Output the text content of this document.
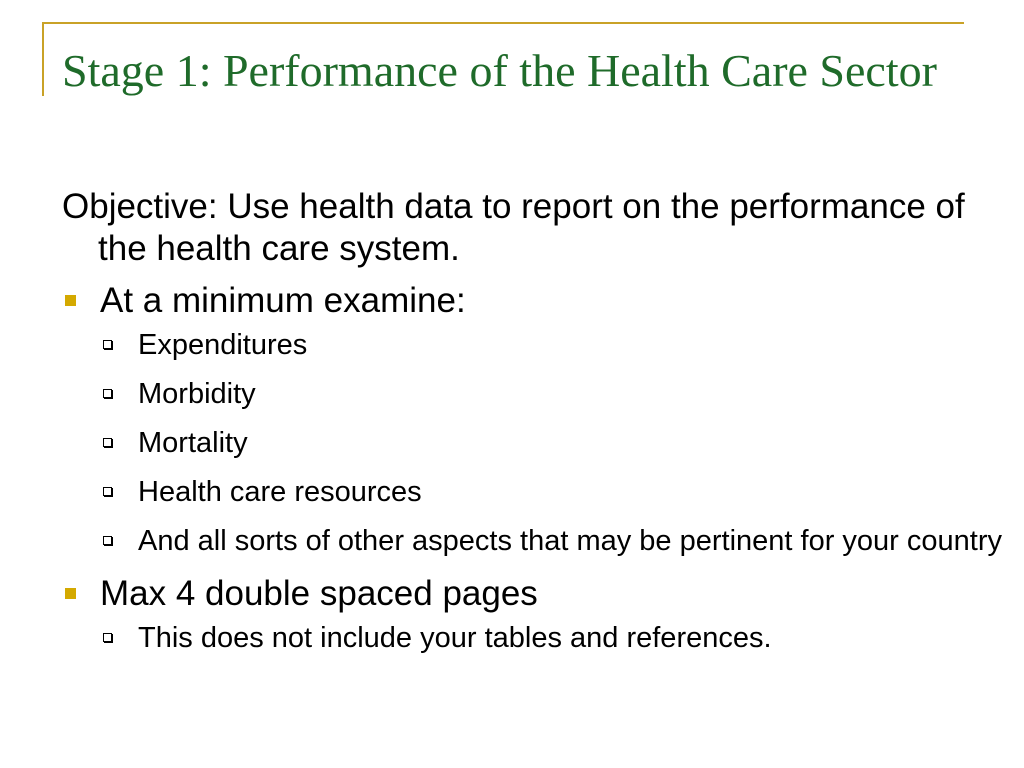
Stage 1: Performance of the Health Care Sector

Objective: Use health data to report on the performance of the health care system.

At a minimum examine:
Expenditures
Morbidity
Mortality
Health care resources
And all sorts of other aspects that may be pertinent for your country
Max 4 double spaced pages
This does not include your tables and references.
